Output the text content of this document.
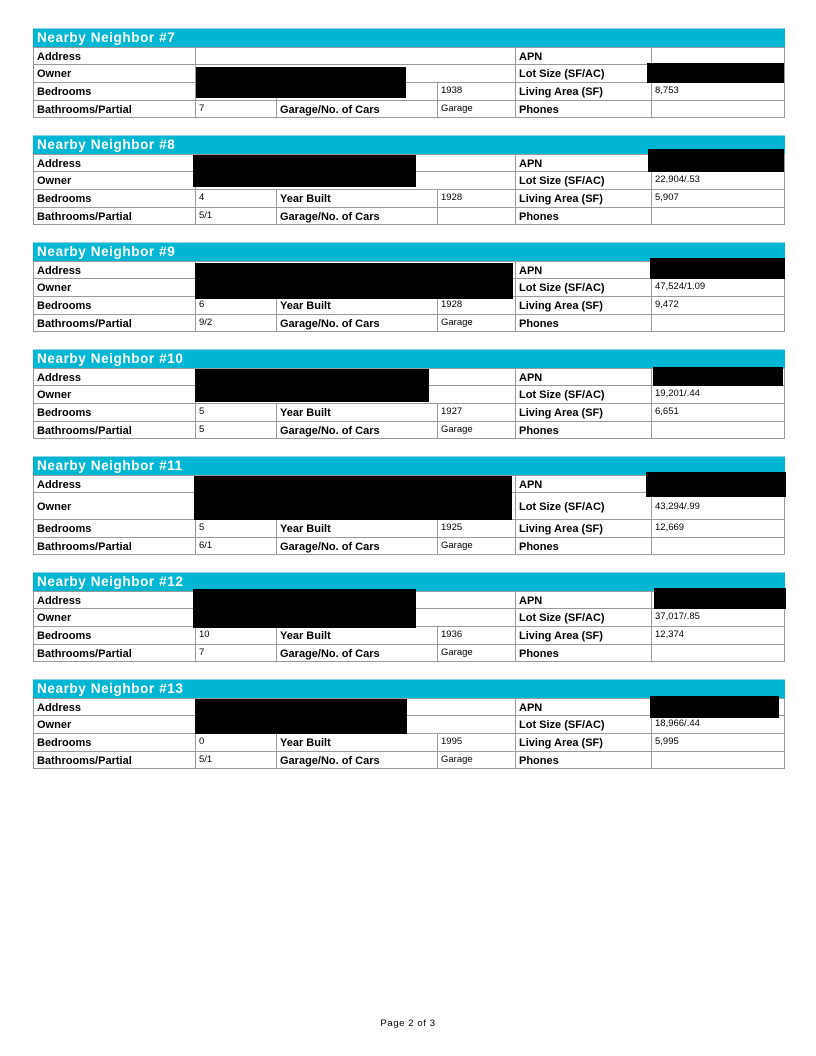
Nearby Neighbor #7
Address	APN
Owner	Lot Size (SF/AC)
Bedrooms	1938	Living Area (SF)	8,753
Bathrooms/Partial	7	Garage/No. of Cars	Garage	Phones
Nearby Neighbor #8
Address	APN
Owner	Lot Size (SF/AC)	22,904/.53
Bedrooms	4	Year Built	1928	Living Area (SF)	5,907
Bathrooms/Partial	5/1	Garage/No. of Cars	Phones
Nearby Neighbor #9
Address	APN
Owner	Lot Size (SF/AC)	47,524/1.09
Bedrooms	6	Year Built	1928	Living Area (SF)	9,472
Bathrooms/Partial	9/2	Garage/No. of Cars	Garage	Phones
Nearby Neighbor #10
Address	APN
Owner	Lot Size (SF/AC)	19,201/.44
Bedrooms	5	Year Built	1927	Living Area (SF)	6,651
Bathrooms/Partial	5	Garage/No. of Cars	Garage	Phones
Nearby Neighbor #11
Address	APN
Owner	Lot Size (SF/AC)	43,294/.99
Bedrooms	5	Year Built	1925	Living Area (SF)	12,669
Bathrooms/Partial	6/1	Garage/No. of Cars	Garage	Phones
Nearby Neighbor #12
Address	APN
Owner	Lot Size (SF/AC)	37,017/.85
Bedrooms	10	Year Built	1936	Living Area (SF)	12,374
Bathrooms/Partial	7	Garage/No. of Cars	Garage	Phones
Nearby Neighbor #13
Address	APN
Owner	Lot Size (SF/AC)	18,966/.44
Bedrooms	0	Year Built	1995	Living Area (SF)	5,995
Bathrooms/Partial	5/1	Garage/No. of Cars	Garage	Phones
Page 2 of 3
